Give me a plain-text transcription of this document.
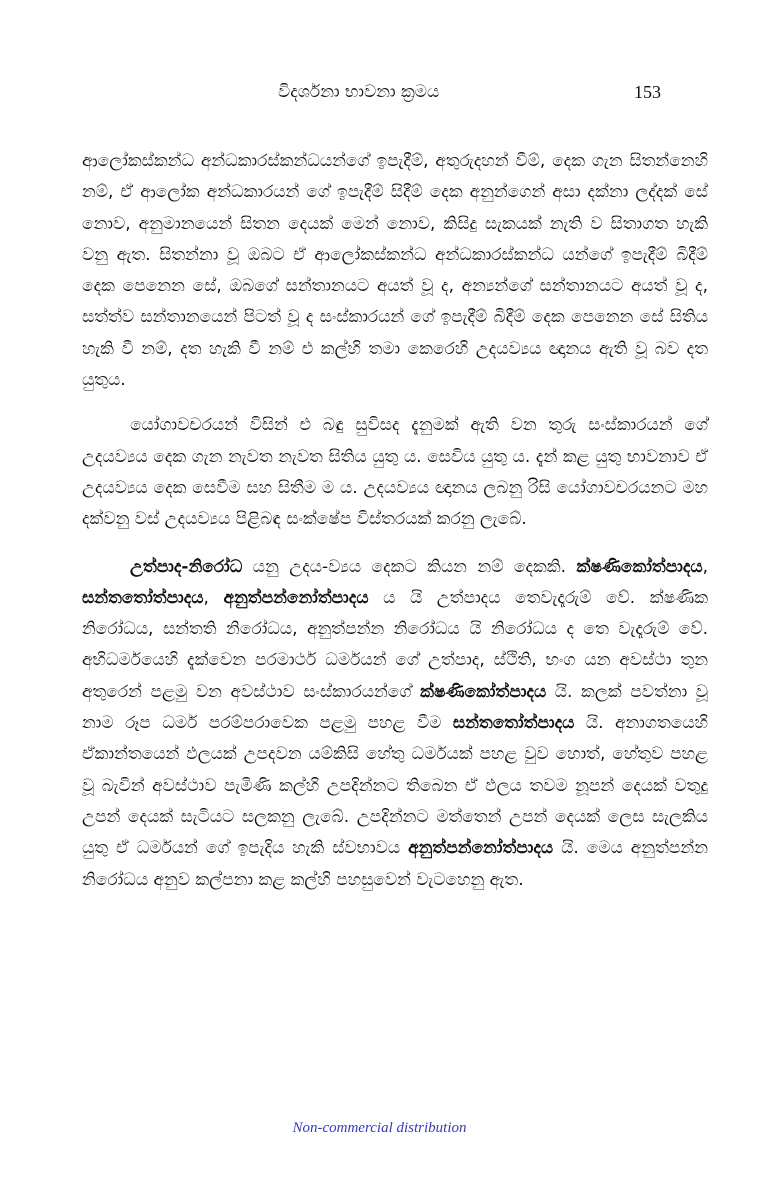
විදර්ශනා භාවනා ක්‍රමය	153

ආලෝකස්කන්ධ අන්ධකාරස්කන්ධයන්ගේ ඉපැදීම්, අතුරුදහන් වීම්, දෙක ගැන සිතන්නෙහි නම්, ඒ ආලෝක අන්ධකාරයන් ගේ ඉපැදීම් සිදීම් දෙක අනුන්ගෙන් අසා දක්නා ලද්දක් සේ නොව, අනුමානයෙන් සිතන දෙයක් මෙන් නොව, කිසිදු සැකයක් නැති ව සිතාගත හැකි වනු ඇත. සිතන්නා වූ ඔබට ඒ ආලෝකස්කන්ධ අන්ධකාරස්කන්ධ යන්ගේ ඉපැදීම් බිදීම් දෙක පෙනෙන සේ, ඔබගේ සන්තානයට අයත් වූ ද, අන්‍යන්ගේ සන්තානයට අයත් වූ ද, සත්ත්ව සන්තානයෙන් පිටත් වූ ද සංස්කාරයන් ගේ ඉපැදීම් බිදීම් දෙක පෙනෙන සේ සිතිය හැකි වී නම්, දත හැකි වී නම් එ කල්හි තමා කෙරෙහි උදයව්‍යය ඥානය ඇති වූ බව දත යුතුය.

යෝගාවචරයන් විසින් එ බඳු සුවිසද දැනුමක් ඇති වන තුරු සංස්කාරයන් ගේ උදයව්‍යය දෙක ගැන නැවත නැවත සිතිය යුතු ය. සෙවිය යුතු ය. දැන් කළ යුතු භාවනාව ඒ උදයව්‍යය දෙක සෙවීම සහ සිතීම ම ය. උදයව්‍යය ඥානය ලබනු රිසි යෝගාවචරයනට මහ දක්වනු වස් උදයව්‍යය පිළිබඳ සංක්ෂේප විස්තරයක් කරනු ලැබේ.

උත්පාද-නිරෝධ යනු උදය-ව්‍යය දෙකට කියන නම් දෙකකි. ක්ෂණිකෝත්පාදය, සන්තතෝත්පාදය, අනුත්පන්නෝත්පාදය ය යි උත්පාදය තෙවැදෑරුම් වේ. ක්ෂණික නිරෝධය, සන්තති නිරෝධය, අනුත්පන්න නිරෝධය යි නිරෝධය ද තෙ වැදෑරුම් වේ. අභිධර්මයෙහි දැක්වෙන පරමාර්ථ ධර්මයන් ගේ උත්පාද, ස්ථිති, භංග යන අවස්ථා තුන අතුරෙන් පළමු වන අවස්ථාව සංස්කාරයන්ගේ ක්ෂණිකෝත්පාදය යි. කලක් පවත්නා වූ නාම රූප ධර්ම පරම්පරාවෙක පළමු පහළ වීම සන්තතෝත්පාදය යි. අනාගතයෙහි ඒකාන්තයෙන් ඵලයක් උපදවන යම්කිසි හේතු ධර්මයක් පහළ වුව හොත්, හේතුව පහළ වූ බැවින් අවස්ථාව පැමිණි කල්හි උපදින්නට තිබෙන ඒ ඵලය තවම නූපන් දෙයක් වතුදු උපන් දෙයක් සැටියට සලකනු ලැබේ. උපදින්නට මත්තෙන් උපන් දෙයක් ලෙස සැලකිය යුතු ඒ ධර්මයන් ගේ ඉපැදිය හැකි ස්වභාවය අනුත්පන්නෝත්පාදය යි. මෙය අනුත්පන්න නිරෝධය අනුව කල්පනා කළ කල්හි පහසුවෙන් වැටහෙනු ඇත.

Non-commercial distribution
